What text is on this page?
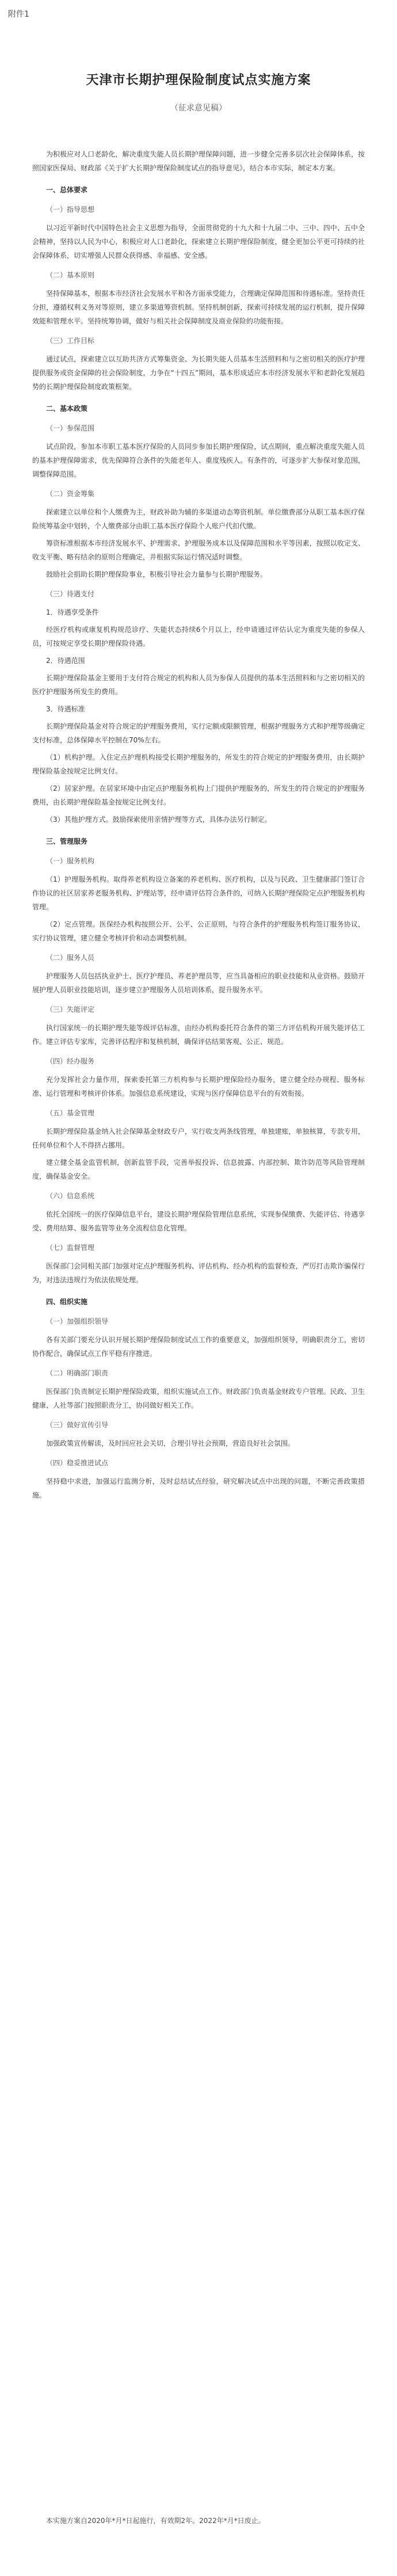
附件1
天津市长期护理保险制度试点实施方案
（征求意见稿）

为积极应对人口老龄化，解决重度失能人员长期护理保障问题，进一步健全完善多层次社会保障体系，按照国家医保局、财政部《关于扩大长期护理保险制度试点的指导意见》，结合本市实际，制定本方案。

一、总体要求

（一）指导思想

以习近平新时代中国特色社会主义思想为指导，全面贯彻党的十九大和十九届二中、三中、四中、五中全会精神，坚持以人民为中心，积极应对人口老龄化，探索建立长期护理保险制度，健全更加公平更可持续的社会保障体系，切实增强人民群众获得感、幸福感、安全感。

（二）基本原则

坚持保障基本，根据本市经济社会发展水平和各方面承受能力，合理确定保障范围和待遇标准。坚持责任分担，遵循权利义务对等原则，建立多渠道筹资机制。坚持机制创新，探索可持续发展的运行机制，提升保障效能和管理水平。坚持统筹协调，做好与相关社会保障制度及商业保险的功能衔接。

（三）工作目标

通过试点，探索建立以互助共济方式筹集资金、为长期失能人员基本生活照料和与之密切相关的医疗护理提供服务或资金保障的社会保险制度，力争在“十四五”期间，基本形成适应本市经济发展水平和老龄化发展趋势的长期护理保险制度政策框架。

二、基本政策

（一）参保范围

试点阶段，参加本市职工基本医疗保险的人员同步参加长期护理保险，试点期间，重点解决重度失能人员的基本护理保障需求，优先保障符合条件的失能老年人、重度残疾人。有条件的，可逐步扩大参保对象范围，调整保障范围。

（二）资金筹集

探索建立以单位和个人缴费为主，财政补助为辅的多渠道动态筹资机制。单位缴费部分从职工基本医疗保险统筹基金中划转，个人缴费部分由职工基本医疗保险个人账户代扣代缴。

筹资标准根据本市经济发展水平、护理需求、护理服务成本以及保障范围和水平等因素，按照以收定支、收支平衡、略有结余的原则合理确定，并根据实际运行情况适时调整。

鼓励社会捐助长期护理保险事业，积极引导社会力量参与长期护理服务。

（三）待遇支付

1．待遇享受条件

经医疗机构或康复机构规范诊疗、失能状态持续6个月以上，经申请通过评估认定为重度失能的参保人员，可按规定享受长期护理保险待遇。

2．待遇范围

长期护理保险基金主要用于支付符合规定的机构和人员为参保人员提供的基本生活照料和与之密切相关的医疗护理服务所发生的费用。

3．待遇标准

长期护理保险基金对符合规定的护理服务费用，实行定额或限额管理，根据护理服务方式和护理等级确定支付标准，总体保障水平控制在70%左右。

（1）机构护理。入住定点护理机构接受长期护理服务的，所发生的符合规定的护理服务费用，由长期护理保险基金按规定比例支付。

（2）居家护理。在居家环境中由定点护理服务机构上门提供护理服务的，所发生的符合规定的护理服务费用，由长期护理保险基金按规定比例支付。

（3）其他护理方式。鼓励探索使用亲情护理等方式，具体办法另行制定。

三、管理服务

（一）服务机构

（1）护理服务机构。取得养老机构设立备案的养老机构、医疗机构，以及与民政、卫生健康部门签订合作协议的社区居家养老服务机构、护理站等，经申请评估符合条件的，可纳入长期护理保险定点护理服务机构管理。

（2）定点管理。医保经办机构按照公开、公平、公正原则，与符合条件的护理服务机构签订服务协议，实行协议管理，建立健全考核评价和动态调整机制。

（二）服务人员

护理服务人员包括执业护士、医疗护理员、养老护理员等，应当具备相应的职业技能和从业资格。鼓励开展护理人员职业技能培训，逐步建立护理服务人员培训体系，提升服务水平。

（三）失能评定

执行国家统一的长期护理失能等级评估标准，由经办机构委托符合条件的第三方评估机构开展失能评估工作。建立评估专家库，完善评估程序和复核机制，确保评估结果客观、公正、规范。

（四）经办服务

充分发挥社会力量作用，探索委托第三方机构参与长期护理保险经办服务，建立健全经办规程、服务标准、运行管理和考核评价体系。加强信息系统建设，实现与医疗保障信息平台的有效衔接。

（五）基金管理

长期护理保险基金纳入社会保障基金财政专户，实行收支两条线管理，单独建账，单独核算，专款专用，任何单位和个人不得挤占挪用。

建立健全基金监管机制，创新监管手段，完善举报投诉、信息披露、内部控制、欺诈防范等风险管理制度，确保基金安全。

（六）信息系统

依托全国统一的医疗保障信息平台，建设长期护理保险管理信息系统，实现参保缴费、失能评估、待遇享受、费用结算、服务监管等业务全流程信息化管理。

（七）监督管理

医保部门会同相关部门加强对定点护理服务机构、评估机构、经办机构的监督检查，严厉打击欺诈骗保行为，对违法违规行为依法依规处理。

四、组织实施

（一）加强组织领导

各有关部门要充分认识开展长期护理保险制度试点工作的重要意义，加强组织领导，明确职责分工，密切协作配合，确保试点工作平稳有序推进。

（二）明确部门职责

医保部门负责制定长期护理保险政策，组织实施试点工作。财政部门负责基金财政专户管理。民政、卫生健康、人社等部门按照职责分工，协同做好相关工作。

（三）做好宣传引导

加强政策宣传解读，及时回应社会关切，合理引导社会预期，营造良好社会氛围。

（四）稳妥推进试点

坚持稳中求进，加强运行监测分析，及时总结试点经验，研究解决试点中出现的问题，不断完善政策措施。

本实施方案自2020年*月*日起施行，有效期2年。2022年*月*日废止。
